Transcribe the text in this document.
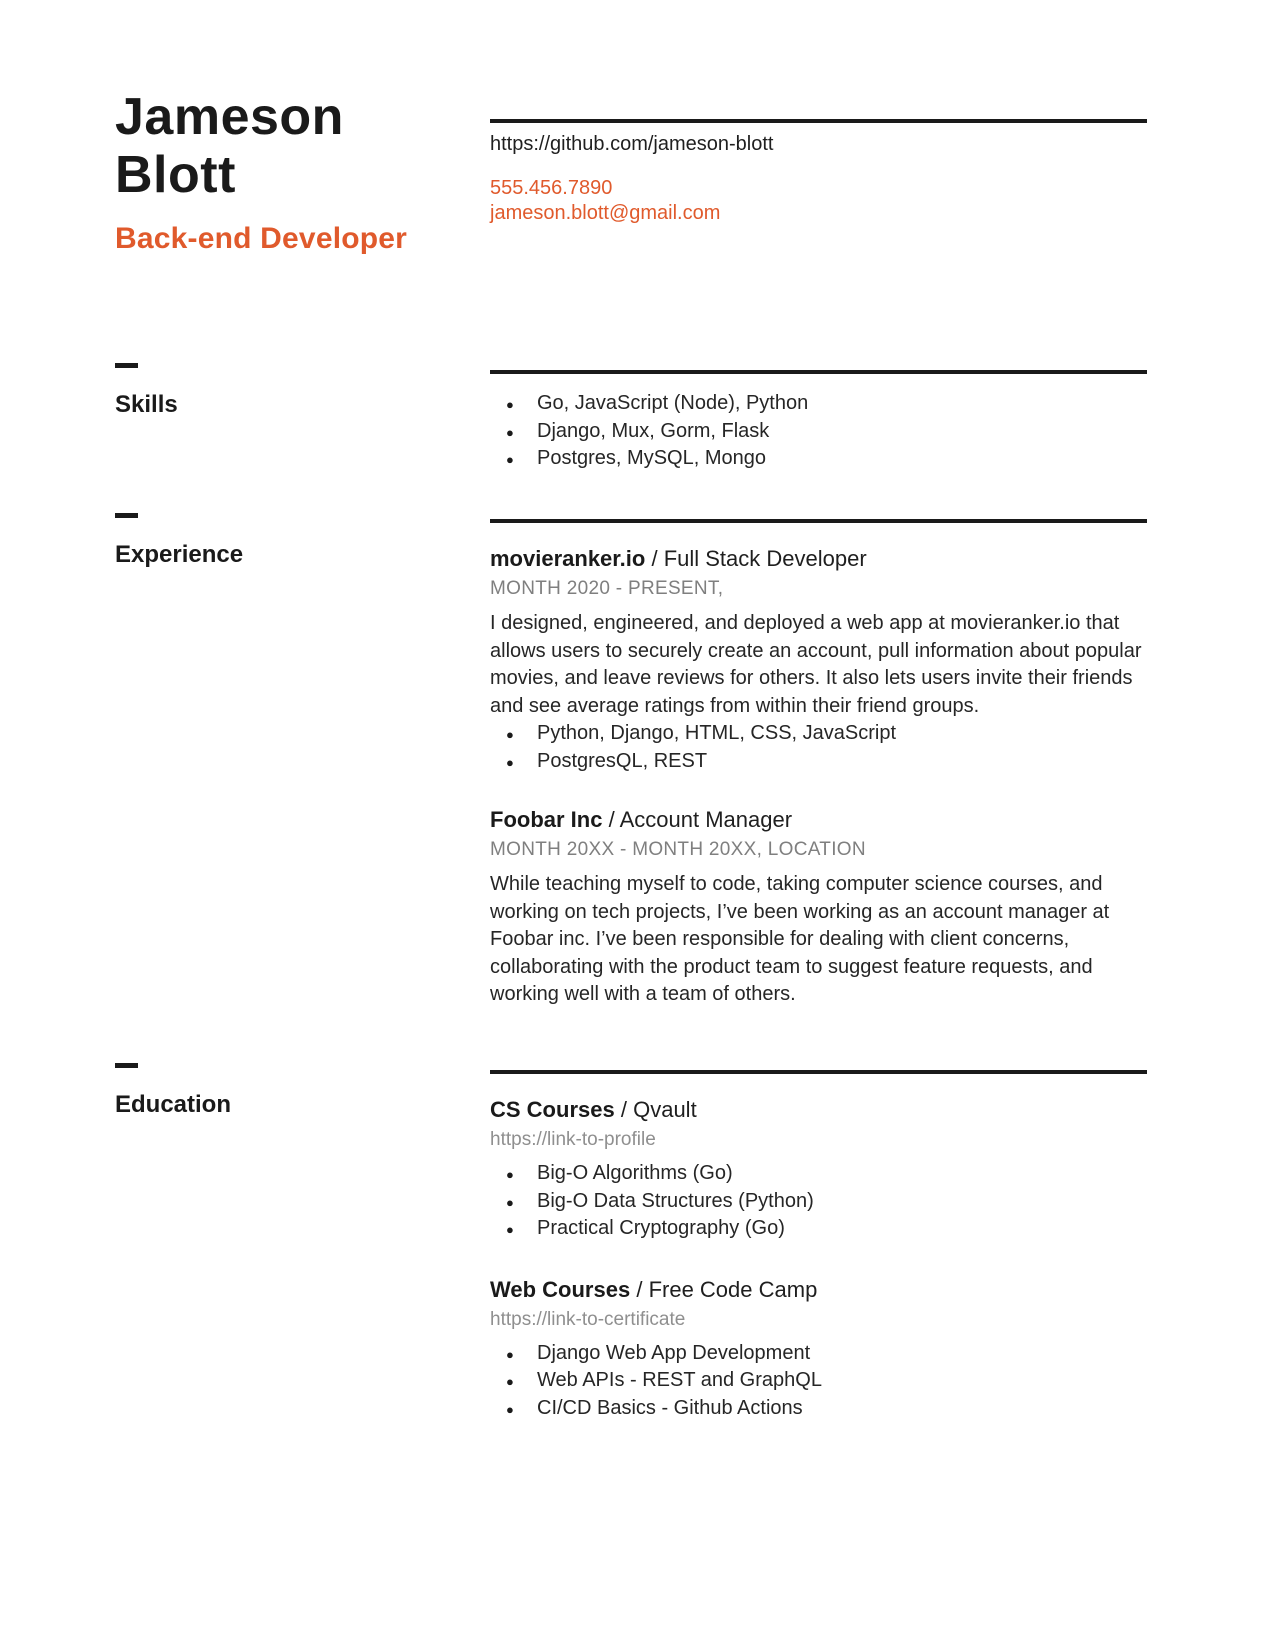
Jameson
Blott
Back-end Developer
https://github.com/jameson-blott
555.456.7890
jameson.blott@gmail.com
Skills	● Go, JavaScript (Node), Python
● Django, Mux, Gorm, Flask
● Postgres, MySQL, Mongo
Experience	movieranker.io / Full Stack Developer
MONTH 2020 - PRESENT,

I designed, engineered, and deployed a web app at movieranker.io that allows users to securely create an account, pull information about popular movies, and leave reviews for others. It also lets users invite their friends and see average ratings from within their friend groups.

● Python, Django, HTML, CSS, JavaScript
● PostgresQL, REST
Foobar Inc / Account Manager
MONTH 20XX - MONTH 20XX, LOCATION

While teaching myself to code, taking computer science courses, and working on tech projects, I’ve been working as an account manager at Foobar inc. I’ve been responsible for dealing with client concerns, collaborating with the product team to suggest feature requests, and working well with a team of others.

Education	CS Courses / Qvault
https://link-to-profile
● Big-O Algorithms (Go)
● Big-O Data Structures (Python)
● Practical Cryptography (Go)
Web Courses / Free Code Camp
https://link-to-certificate
● Django Web App Development
● Web APIs - REST and GraphQL
● CI/CD Basics - Github Actions
